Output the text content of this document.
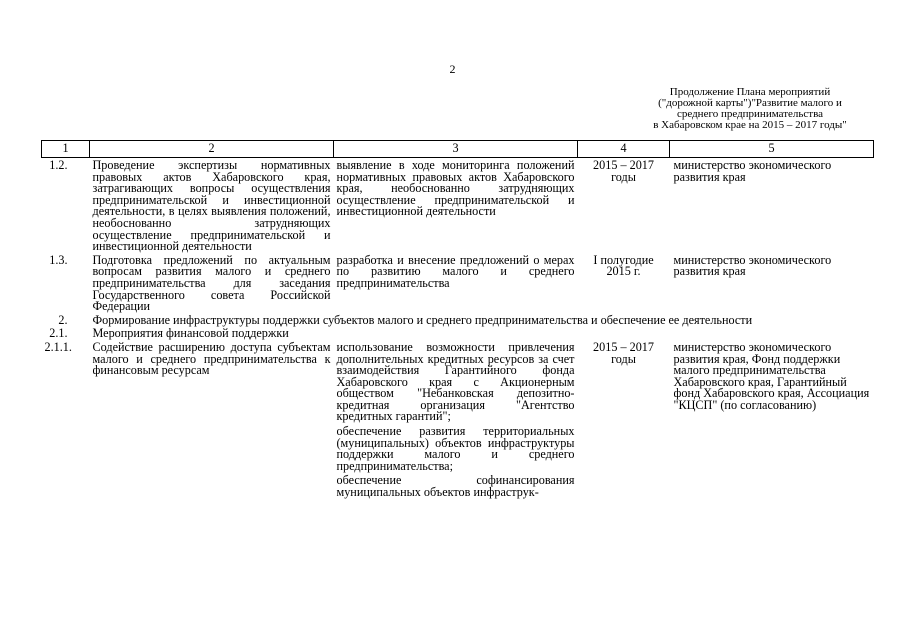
2
Продолжение Плана мероприятий
("дорожной карты")"Развитие малого и
среднего предпринимательства
в Хабаровском крае на 2015 – 2017 годы"
1	2	3	4	5
1.2.	Проведение экспертизы нормативных правовых актов Хабаровского края, затрагивающих вопросы осуществления предпринимательской и инвестиционной деятельности, в целях выявления положений, необоснованно затрудняющих осуществление предпринимательской и инвестиционной деятельности	выявление в ходе мониторинга положений нормативных правовых актов Хабаровского края, необоснованно затрудняющих осуществление предпринимательской и инвестиционной деятельности	2015 – 2017 годы	министерство экономического развития края
1.3.	Подготовка предложений по актуальным вопросам развития малого и среднего предпринимательства для заседания Государственного совета Российской Федерации	разработка и внесение предложений о мерах по развитию малого и среднего предпринимательства	I полугодие 2015 г.	министерство экономического развития края
2.	Формирование инфраструктуры поддержки субъектов малого и среднего предпринимательства и обеспечение ее деятельности			
2.1.	Мероприятия финансовой поддержки			
2.1.1.	Содействие расширению доступа субъектам малого и среднего предпринимательства к финансовым ресурсам	использование возможности привлечения дополнительных кредитных ресурсов за счет взаимодействия Гарантийного фонда Хабаровского края с Акционерным обществом "Небанковская депозитно-кредитная организация "Агентство кредитных гарантий";
обеспечение развития территориальных (муниципальных) объектов инфраструктуры поддержки малого и среднего предпринимательства;
обеспечение софинансирования муниципальных объектов инфраструк-	2015 – 2017 годы	министерство экономического развития края, Фонд поддержки малого предпринимательства Хабаровского края, Гарантийный фонд Хабаровского края, Ассоциация "КЦСП" (по согласованию)
